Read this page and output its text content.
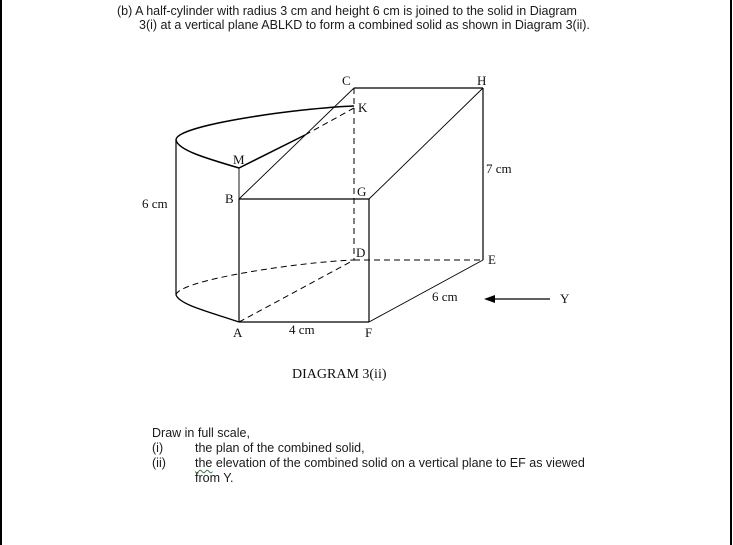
(b) A half-cylinder with radius 3 cm and height 6 cm is joined to the solid in Diagram
3(i) at a vertical plane ABLKD to form a combined solid as shown in Diagram 3(ii).
C	H
K
M
B	G
D	E
A	F
6 cm
4 cm
6 cm
7 cm
Y
DIAGRAM 3(ii)
Draw in full scale,
(i)	the plan of the combined solid,
(ii)	the elevation of the combined solid on a vertical plane to EF as viewed
from Y.
